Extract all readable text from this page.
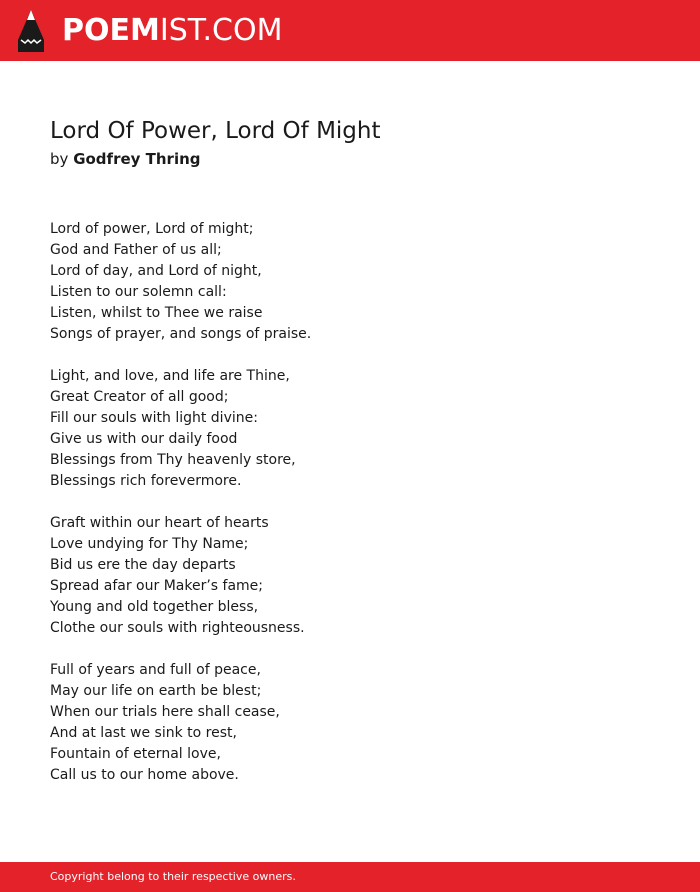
POEMIST.COM
Lord Of Power, Lord Of Might
by Godfrey Thring
Lord of power, Lord of might;
God and Father of us all;
Lord of day, and Lord of night,
Listen to our solemn call:
Listen, whilst to Thee we raise
Songs of prayer, and songs of praise.
Light, and love, and life are Thine,
Great Creator of all good;
Fill our souls with light divine:
Give us with our daily food
Blessings from Thy heavenly store,
Blessings rich forevermore.
Graft within our heart of hearts
Love undying for Thy Name;
Bid us ere the day departs
Spread afar our Maker’s fame;
Young and old together bless,
Clothe our souls with righteousness.
Full of years and full of peace,
May our life on earth be blest;
When our trials here shall cease,
And at last we sink to rest,
Fountain of eternal love,
Call us to our home above.
Copyright belong to their respective owners.
